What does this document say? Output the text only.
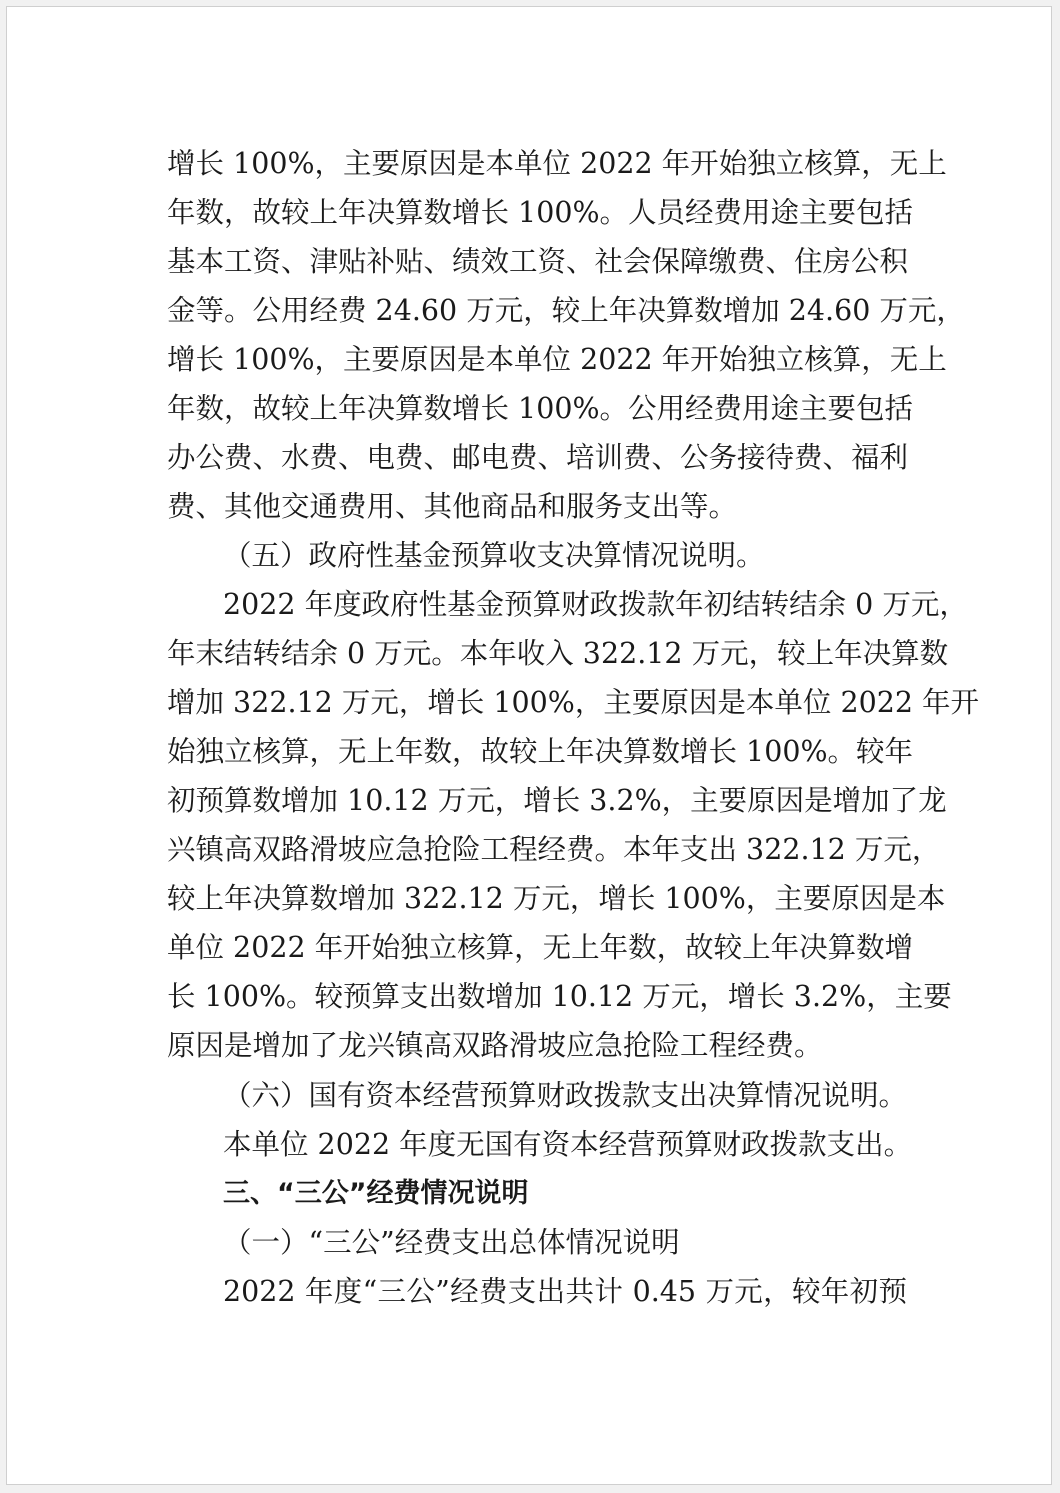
增长 100%，主要原因是本单位 2022 年开始独立核算，无上
年数，故较上年决算数增长 100%。人员经费用途主要包括
基本工资、津贴补贴、绩效工资、社会保障缴费、住房公积
金等。公用经费 24.60 万元，较上年决算数增加 24.60 万元，
增长 100%，主要原因是本单位 2022 年开始独立核算，无上
年数，故较上年决算数增长 100%。公用经费用途主要包括
办公费、水费、电费、邮电费、培训费、公务接待费、福利
费、其他交通费用、其他商品和服务支出等。
（五）政府性基金预算收支决算情况说明。
2022 年度政府性基金预算财政拨款年初结转结余 0 万元，
年末结转结余 0 万元。本年收入 322.12 万元，较上年决算数
增加 322.12 万元，增长 100%，主要原因是本单位 2022 年开
始独立核算，无上年数，故较上年决算数增长 100%。较年
初预算数增加 10.12 万元，增长 3.2%，主要原因是增加了龙
兴镇高双路滑坡应急抢险工程经费。本年支出 322.12 万元，
较上年决算数增加 322.12 万元，增长 100%，主要原因是本
单位 2022 年开始独立核算，无上年数，故较上年决算数增
长 100%。较预算支出数增加 10.12 万元，增长 3.2%，主要
原因是增加了龙兴镇高双路滑坡应急抢险工程经费。
（六）国有资本经营预算财政拨款支出决算情况说明。
本单位 2022 年度无国有资本经营预算财政拨款支出。
三、“三公”经费情况说明
（一）“三公”经费支出总体情况说明
2022 年度“三公”经费支出共计 0.45 万元，较年初预
